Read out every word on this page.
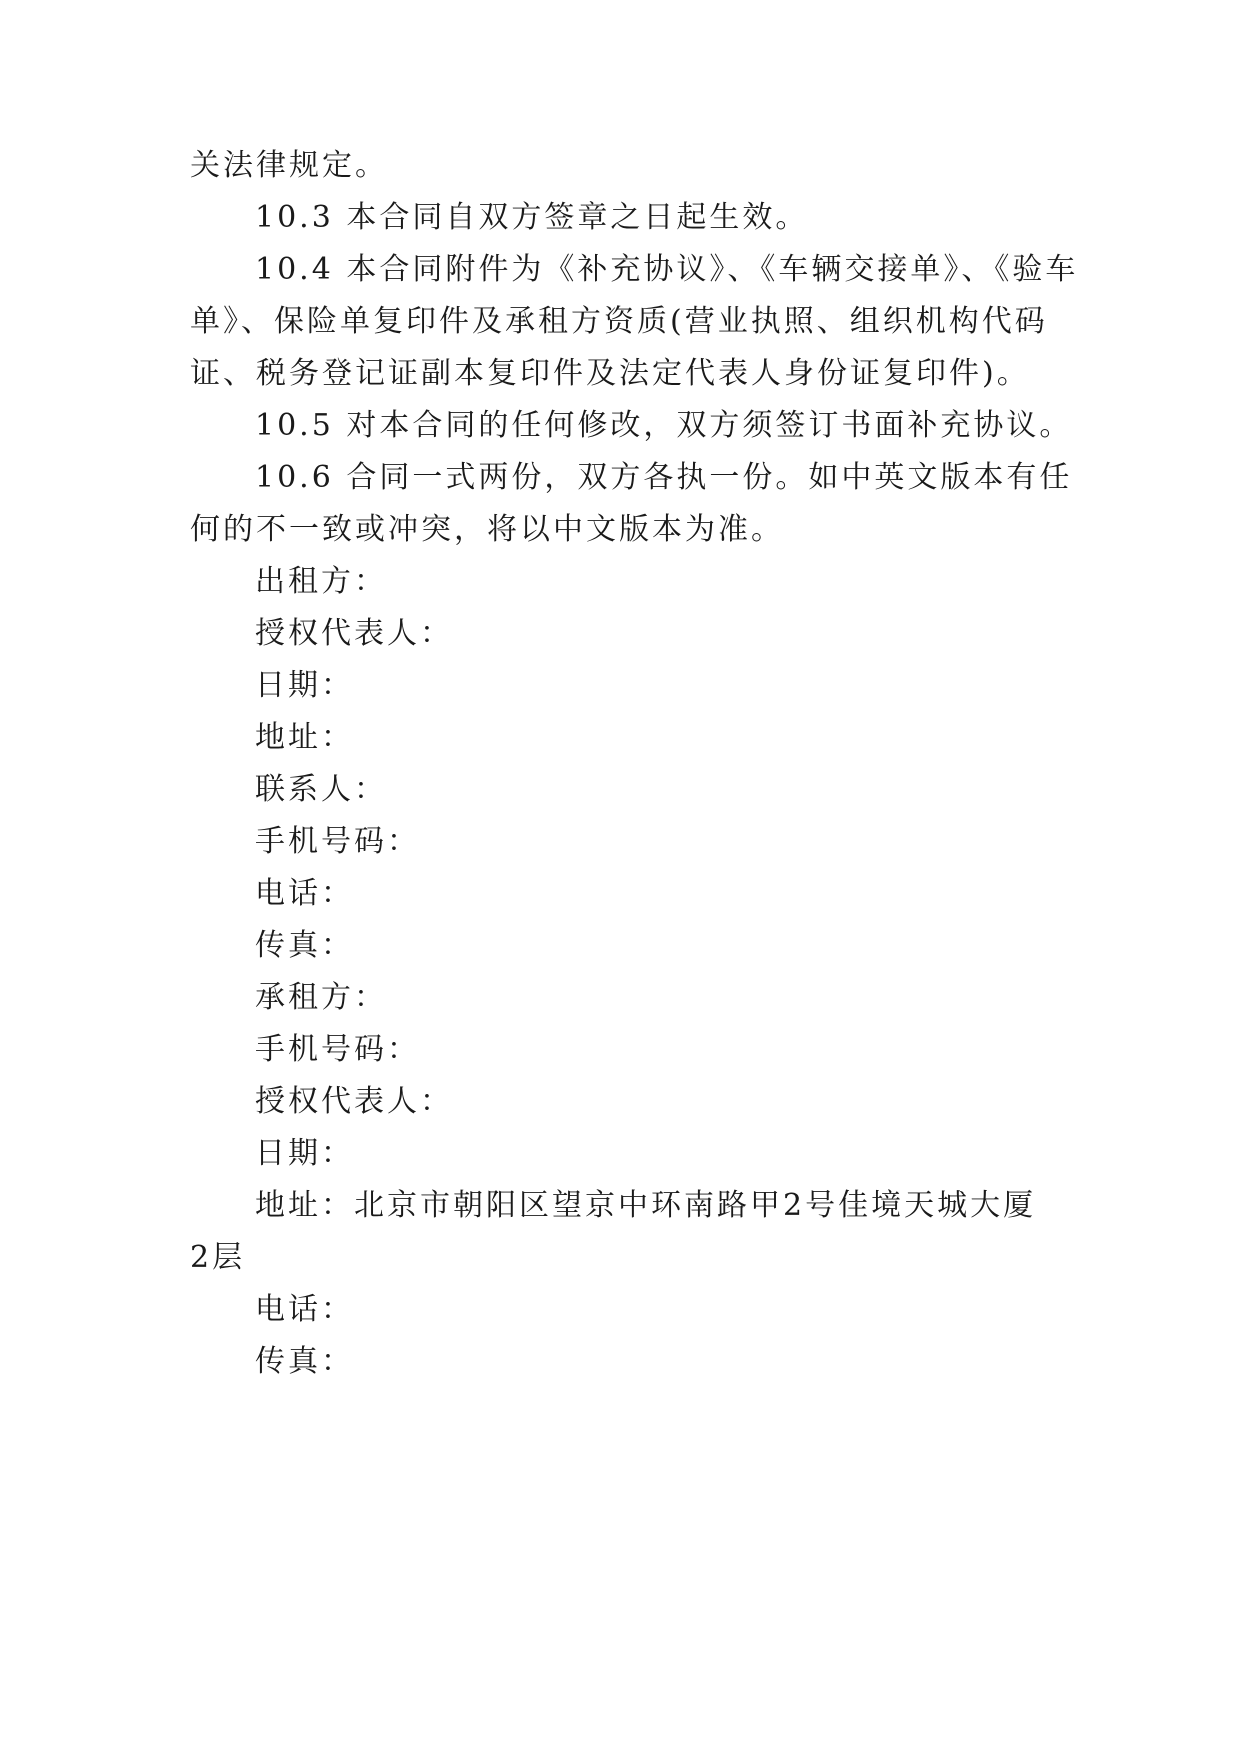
关法律规定。
10.3 本合同自双方签章之日起生效。
10.4 本合同附件为《补充协议》、《车辆交接单》、《验车
单》、保险单复印件及承租方资质(营业执照、组织机构代码
证、税务登记证副本复印件及法定代表人身份证复印件)。
10.5 对本合同的任何修改，双方须签订书面补充协议。
10.6 合同一式两份，双方各执一份。如中英文版本有任
何的不一致或冲突，将以中文版本为准。
出租方：
授权代表人：
日期：
地址：
联系人：
手机号码：
电话：
传真：
承租方：
手机号码：
授权代表人：
日期：
地址：北京市朝阳区望京中环南路甲2号佳境天城大厦
2层
电话：
传真：
